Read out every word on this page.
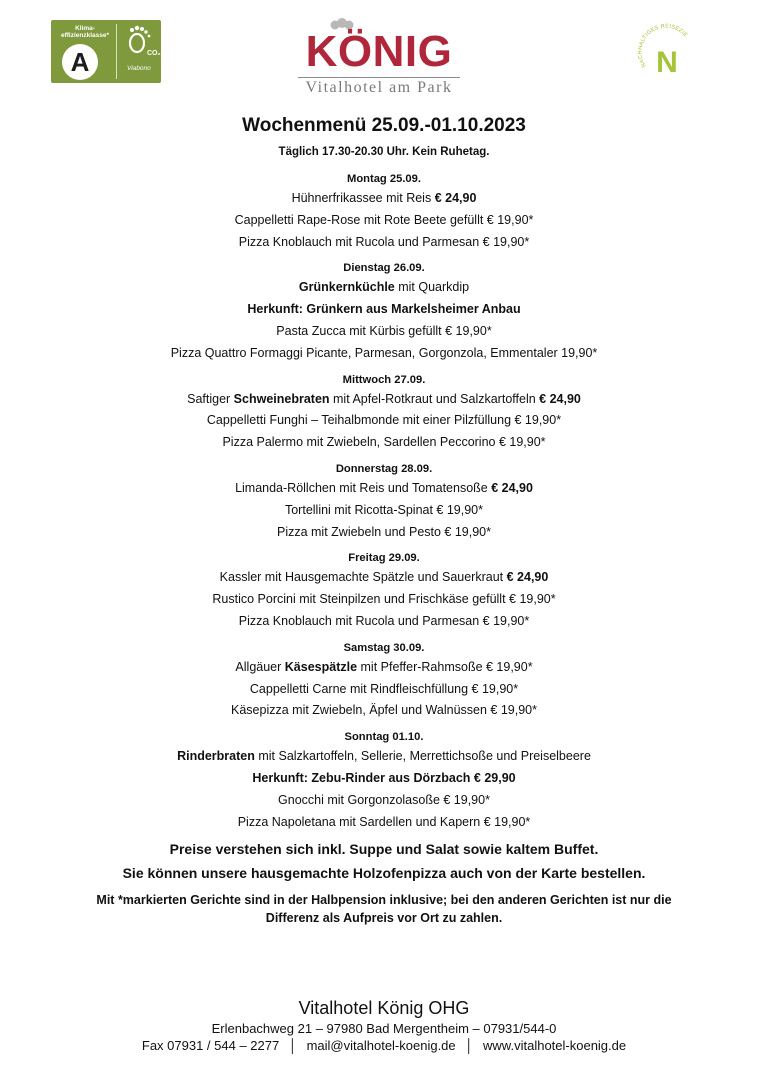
Klima-effizienzklasse*
A	CO₂
Viabono	KÖNIG
Vitalhotel am Park
NACHHALTIGES REISEZIE
N
Wochenmenü 25.09.-01.10.2023
Täglich 17.30-20.30 Uhr. Kein Ruhetag.
Montag 25.09.
Hühnerfrikassee mit Reis € 24,90
Cappelletti Rape-Rose mit Rote Beete gefüllt € 19,90*
Pizza Knoblauch mit Rucola und Parmesan € 19,90*
Dienstag 26.09.
Grünkernküchle mit Quarkdip
Herkunft: Grünkern aus Markelsheimer Anbau
Pasta Zucca mit Kürbis gefüllt € 19,90*
Pizza Quattro Formaggi Picante, Parmesan, Gorgonzola, Emmentaler 19,90*
Mittwoch 27.09.
Saftiger Schweinebraten mit Apfel-Rotkraut und Salzkartoffeln € 24,90
Cappelletti Funghi – Teihalbmonde mit einer Pilzfüllung € 19,90*
Pizza Palermo mit Zwiebeln, Sardellen Peccorino € 19,90*
Donnerstag 28.09.
Limanda-Röllchen mit Reis und Tomatensoße € 24,90
Tortellini mit Ricotta-Spinat € 19,90*
Pizza mit Zwiebeln und Pesto € 19,90*
Freitag 29.09.
Kassler mit Hausgemachte Spätzle und Sauerkraut € 24,90
Rustico Porcini mit Steinpilzen und Frischkäse gefüllt € 19,90*
Pizza Knoblauch mit Rucola und Parmesan € 19,90*
Samstag 30.09.
Allgäuer Käsespätzle mit Pfeffer-Rahmsoße € 19,90*
Cappelletti Carne mit Rindfleischfüllung € 19,90*
Käsepizza mit Zwiebeln, Äpfel und Walnüssen € 19,90*
Sonntag 01.10.
Rinderbraten mit Salzkartoffeln, Sellerie, Merrettichsoße und Preiselbeere
Herkunft: Zebu-Rinder aus Dörzbach € 29,90
Gnocchi mit Gorgonzolasoße € 19,90*
Pizza Napoletana mit Sardellen und Kapern € 19,90*
Preise verstehen sich inkl. Suppe und Salat sowie kaltem Buffet.
Sie können unsere hausgemachte Holzofenpizza auch von der Karte bestellen.
Mit *markierten Gerichte sind in der Halbpension inklusive; bei den anderen Gerichten ist nur die
Differenz als Aufpreis vor Ort zu zahlen.
Vitalhotel König OHG
Erlenbachweg 21 – 97980 Bad Mergentheim – 07931/544-0
Fax 07931 / 544 – 2277 │ mail@vitalhotel-koenig.de │ www.vitalhotel-koenig.de
